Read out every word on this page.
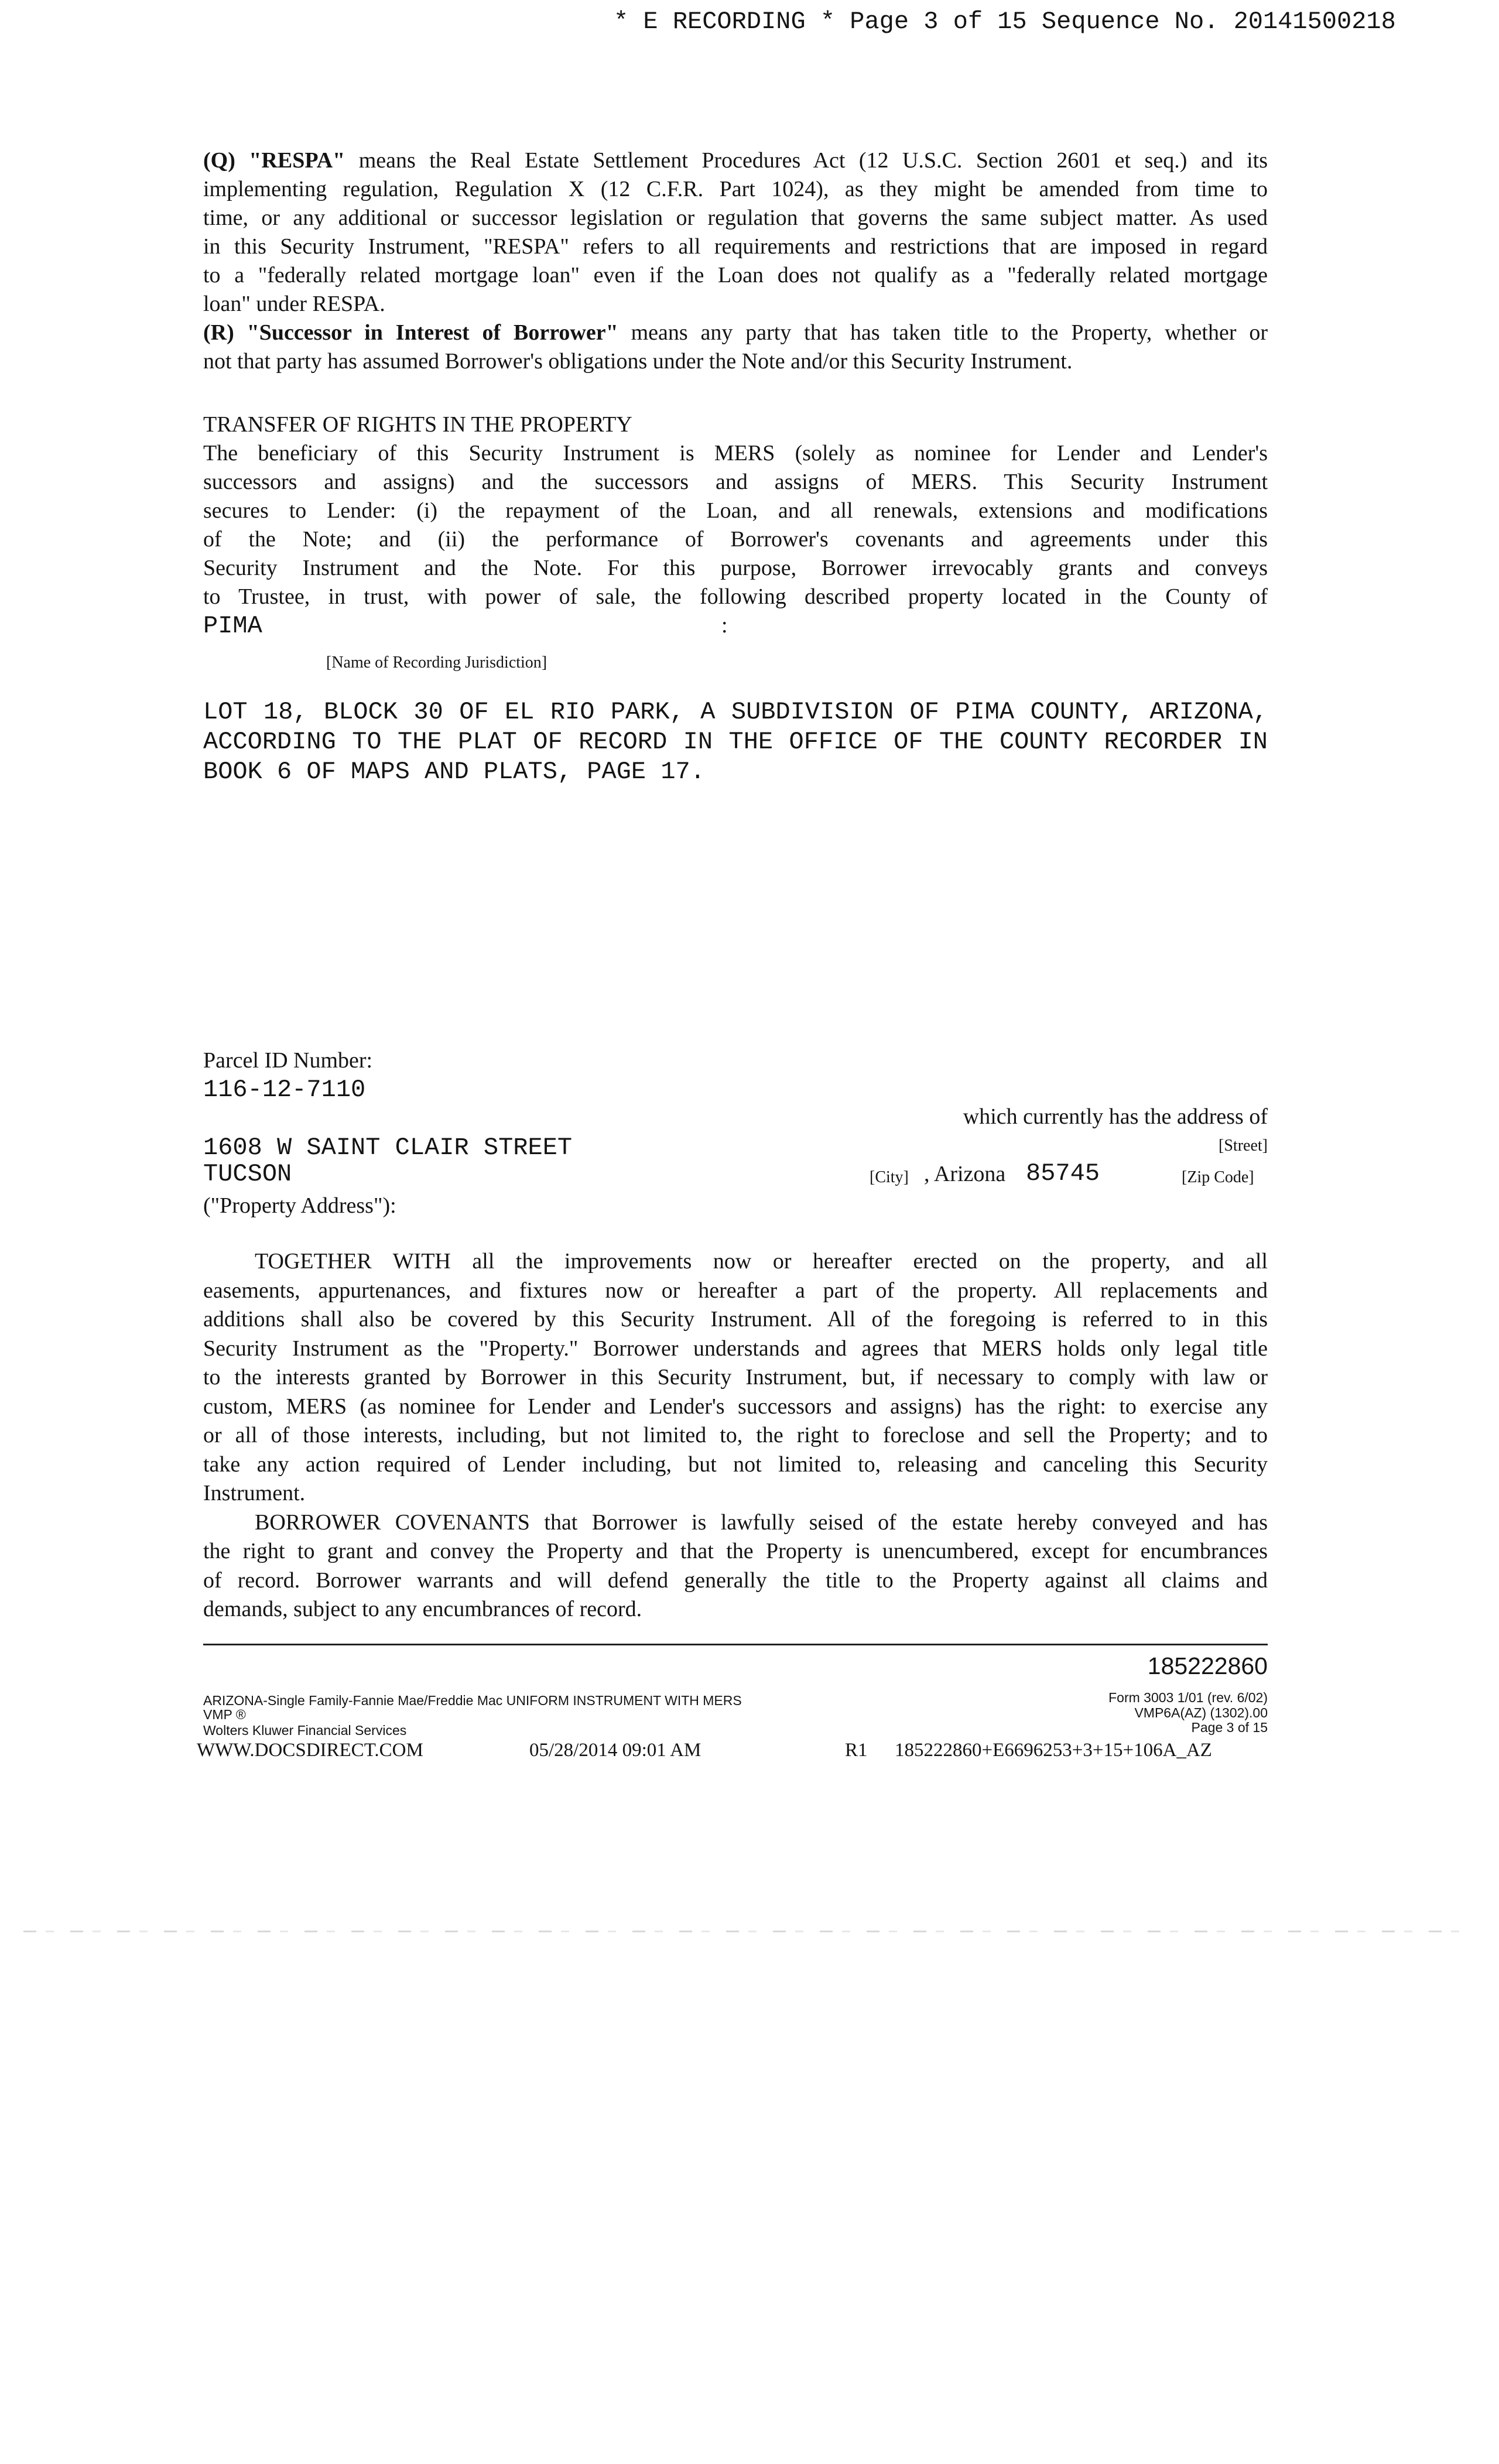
* E RECORDING * Page 3 of 15 Sequence No. 20141500218
(Q) "RESPA" means the Real Estate Settlement Procedures Act (12 U.S.C. Section 2601 et seq.) and its
implementing regulation, Regulation X (12 C.F.R. Part 1024), as they might be amended from time to
time, or any additional or successor legislation or regulation that governs the same subject matter. As used
in this Security Instrument, "RESPA" refers to all requirements and restrictions that are imposed in regard
to a "federally related mortgage loan" even if the Loan does not qualify as a "federally related mortgage
loan" under RESPA.
(R) "Successor in Interest of Borrower" means any party that has taken title to the Property, whether or
not that party has assumed Borrower's obligations under the Note and/or this Security Instrument.
TRANSFER OF RIGHTS IN THE PROPERTY
The beneficiary of this Security Instrument is MERS (solely as nominee for Lender and Lender's
successors and assigns) and the successors and assigns of MERS. This Security Instrument
secures to Lender: (i) the repayment of the Loan, and all renewals, extensions and modifications
of the Note; and (ii) the performance of Borrower's covenants and agreements under this
Security Instrument and the Note. For this purpose, Borrower irrevocably grants and conveys
to Trustee, in trust, with power of sale, the following described property located in the County of
PIMA	:
[Name of Recording Jurisdiction]
LOT 18, BLOCK 30 OF EL RIO PARK, A SUBDIVISION OF PIMA COUNTY, ARIZONA,
ACCORDING TO THE PLAT OF RECORD IN THE OFFICE OF THE COUNTY RECORDER IN
BOOK 6 OF MAPS AND PLATS, PAGE 17.
Parcel ID Number:
116-12-7110
which currently has the address of
1608 W SAINT CLAIR STREET	[Street]
TUCSON	[City] , Arizona 85745	[Zip Code]
("Property Address"):
TOGETHER WITH all the improvements now or hereafter erected on the property, and all
easements, appurtenances, and fixtures now or hereafter a part of the property. All replacements and
additions shall also be covered by this Security Instrument. All of the foregoing is referred to in this
Security Instrument as the "Property." Borrower understands and agrees that MERS holds only legal title
to the interests granted by Borrower in this Security Instrument, but, if necessary to comply with law or
custom, MERS (as nominee for Lender and Lender's successors and assigns) has the right: to exercise any
or all of those interests, including, but not limited to, the right to foreclose and sell the Property; and to
take any action required of Lender including, but not limited to, releasing and canceling this Security
Instrument.
BORROWER COVENANTS that Borrower is lawfully seised of the estate hereby conveyed and has
the right to grant and convey the Property and that the Property is unencumbered, except for encumbrances
of record. Borrower warrants and will defend generally the title to the Property against all claims and
demands, subject to any encumbrances of record.
185222860
ARIZONA-Single Family-Fannie Mae/Freddie Mac UNIFORM INSTRUMENT WITH MERS
VMP ®
Wolters Kluwer Financial Services
Form 3003 1/01 (rev. 6/02)
VMP6A(AZ) (1302).00
Page 3 of 15
WWW.DOCSDIRECT.COM	05/28/2014 09:01 AM	R1 185222860+E6696253+3+15+106A_AZ
